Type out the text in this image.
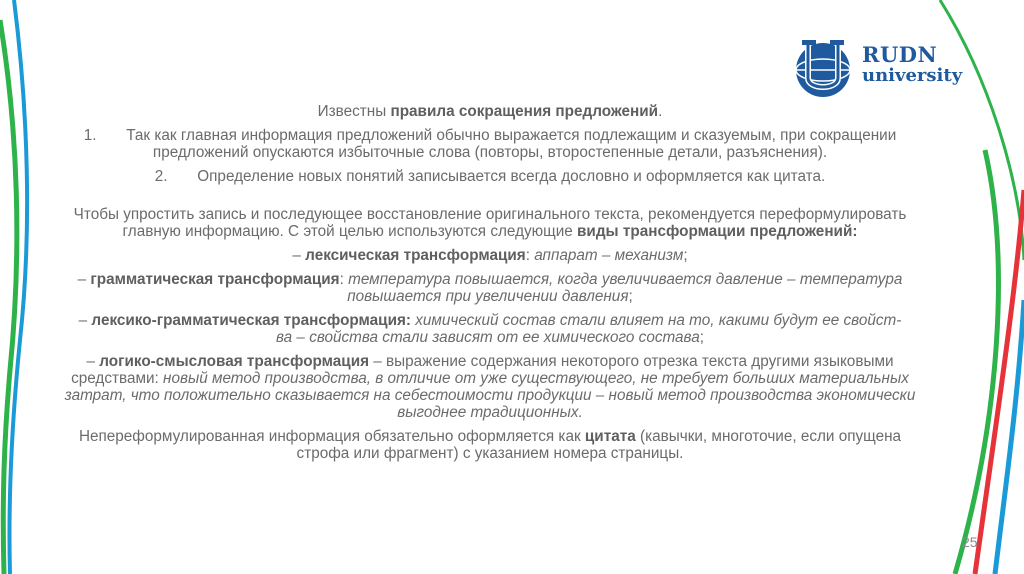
RUDN
university

Известны правила сокращения предложений.

1. Так как главная информация предложений обычно выражается подлежащим и сказуемым, при сокращении предложений опускаются избыточные слова (повторы, второстепенные детали, разъяснения).

2. Определение новых понятий записывается всегда дословно и оформляется как цитата.

Чтобы упростить запись и последующее восстановление оригинального текста, рекомендуется переформулировать главную информацию. С этой целью используются следующие виды трансформации предложений:

– лексическая трансформация: аппарат – механизм;

– грамматическая трансформация: температура повышается, когда увеличивается давление – температура повышается при увеличении давления;

– лексико-грамматическая трансформация: химический состав стали влияет на то, какими будут ее свойст-
ва – свойства стали зависят от ее химического состава;

– логико-смысловая трансформация – выражение содержания некоторого отрезка текста другими языковыми средствами: новый метод производства, в отличие от уже существующего, не требует больших материальных затрат, что положительно сказывается на себестоимости продукции – новый метод производства экономически выгоднее традиционных.

Непереформулированная информация обязательно оформляется как цитата (кавычки, многоточие, если опущена строфа или фрагмент) с указанием номера страницы.

25
